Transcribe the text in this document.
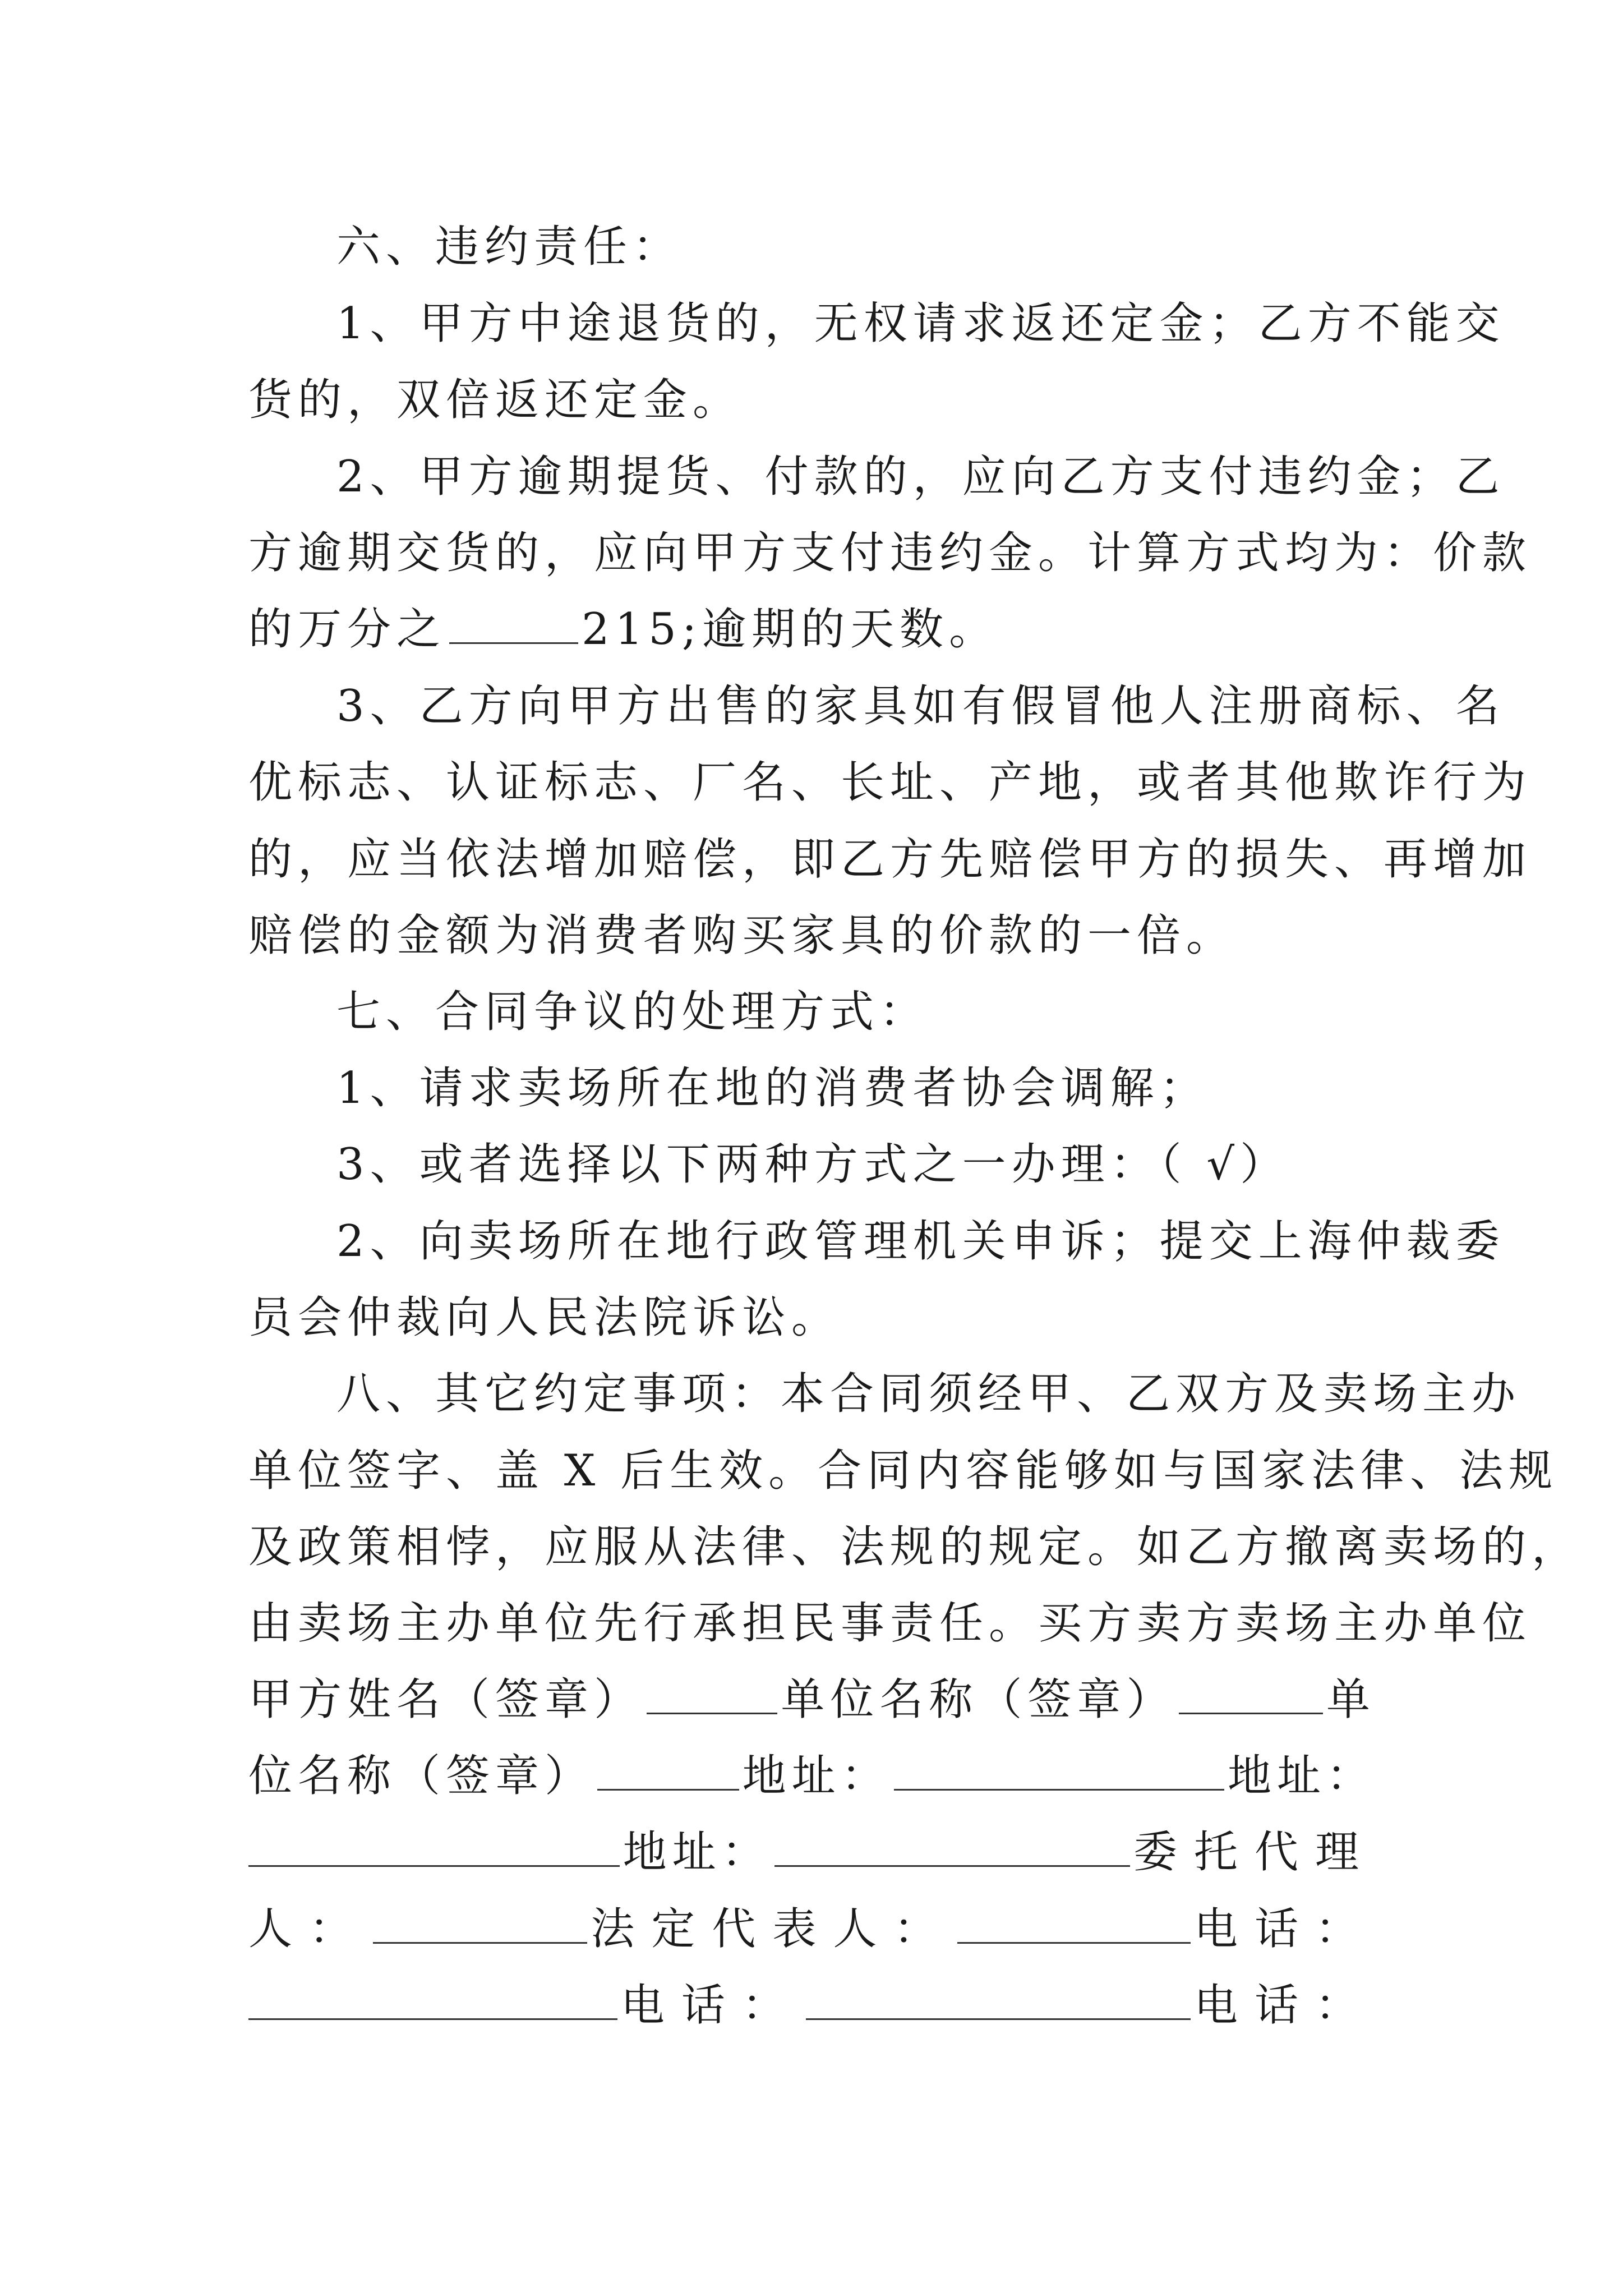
六、违约责任：
1、甲方中途退货的，无权请求返还定金；乙方不能交
货的，双倍返还定金。
2、甲方逾期提货、付款的，应向乙方支付违约金；乙
方逾期交货的，应向甲方支付违约金。计算方式均为：价款
的万分之	215;逾期的天数。
3、乙方向甲方出售的家具如有假冒他人注册商标、名
优标志、认证标志、厂名、长址、产地，或者其他欺诈行为
的，应当依法增加赔偿，即乙方先赔偿甲方的损失、再增加
赔偿的金额为消费者购买家具的价款的一倍。
七、合同争议的处理方式：
1、请求卖场所在地的消费者协会调解；
3、或者选择以下两种方式之一办理：（ √）
2、向卖场所在地行政管理机关申诉；提交上海仲裁委
员会仲裁向人民法院诉讼。
八、其它约定事项：本合同须经甲、乙双方及卖场主办
单位签字、盖 X 后生效。合同内容能够如与国家法律、法规
及政策相悖，应服从法律、法规的规定。如乙方撤离卖场的，
由卖场主办单位先行承担民事责任。买方卖方卖场主办单位
甲方姓名（签章）	单位名称（签章）	单
位名称（签章）	地址：	地址：
地址：	委托代理
人：	法定代表人：	电话：
电话：	电话：
